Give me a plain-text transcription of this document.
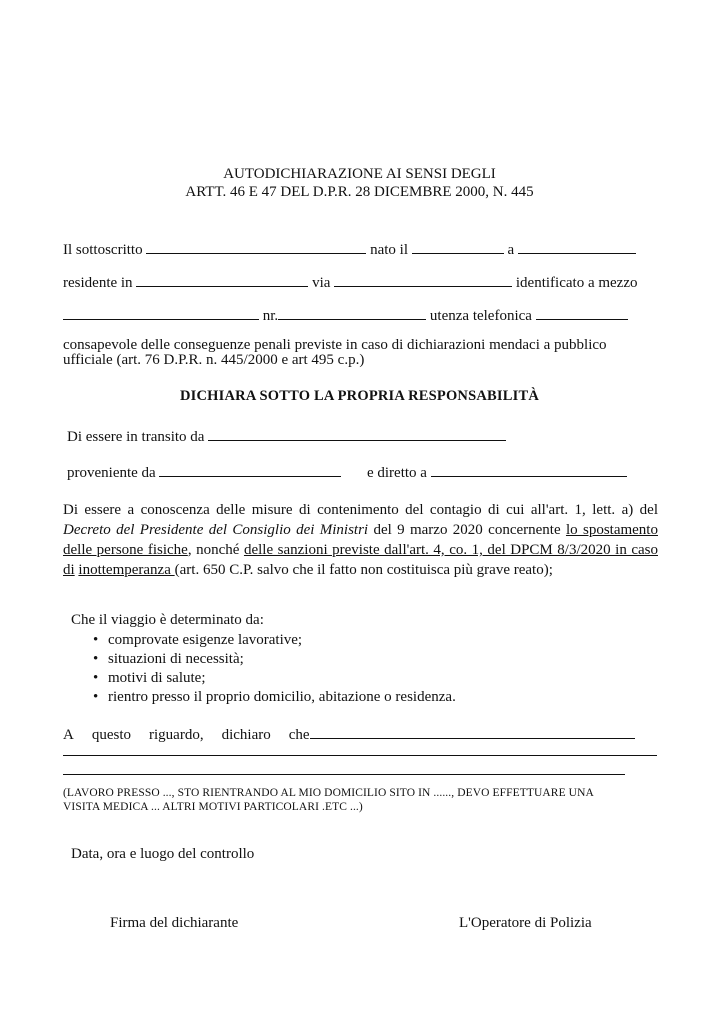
AUTODICHIARAZIONE AI SENSI DEGLI
ARTT. 46 E 47 DEL D.P.R. 28 DICEMBRE 2000, N. 445
Il sottoscritto	nato il	a
residente in	via	identificato a mezzo
nr.	utenza telefonica
consapevole delle conseguenze penali previste in caso di dichiarazioni mendaci a pubblico
ufficiale (art. 76 D.P.R. n. 445/2000 e art 495 c.p.)
DICHIARA SOTTO LA PROPRIA RESPONSABILITÀ
Di essere in transito da
proveniente da	e diretto a
Di essere a conoscenza delle misure di contenimento del contagio di cui all'art. 1, lett. a) del Decreto del Presidente del Consiglio dei Ministri del 9 marzo 2020 concernente lo spostamento delle persone fisiche, nonché delle sanzioni previste dall'art. 4, co. 1, del DPCM 8/3/2020 in caso di inottemperanza (art. 650 C.P. salvo che il fatto non costituisca più grave reato);
Che il viaggio è determinato da:
• comprovate esigenze lavorative;
• situazioni di necessità;
• motivi di salute;
• rientro presso il proprio domicilio, abitazione o residenza.
A questo riguardo, dichiaro che
(LAVORO PRESSO ..., STO RIENTRANDO AL MIO DOMICILIO SITO IN ......, DEVO EFFETTUARE UNA
VISITA MEDICA ... ALTRI MOTIVI PARTICOLARI .ETC ...)
Data, ora e luogo del controllo
Firma del dichiarante	L'Operatore di Polizia
